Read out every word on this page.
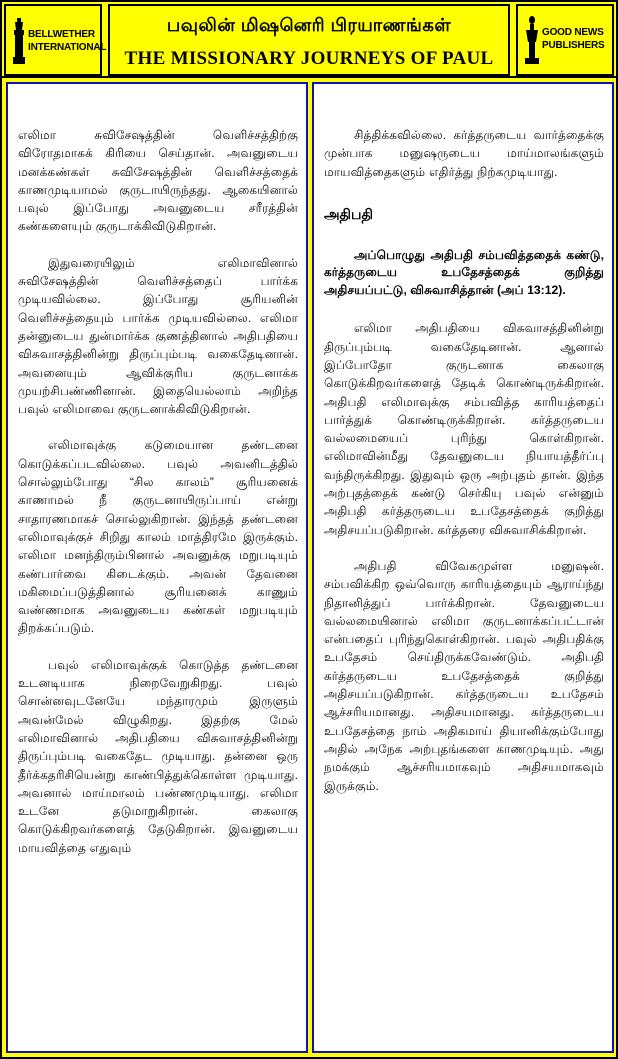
BELLWETHER
INTERNATIONAL
பவுலின் மிஷனெரி பிரயாணங்கள்
THE MISSIONARY JOURNEYS OF PAUL
GOOD NEWS
PUBLISHERS

எலிமா சுவிசேஷத்தின் வெளிச்சத்திற்கு விரோதமாகக் கிரியை செய்தான். அவனுடைய மனக்கண்கள் சுவிசேஷத்தின் வெளிச்சத்தைக் காணமுடியாமல் குருடாயிருந்தது. ஆகையினால் பவுல் இப்போது அவனுடைய சரீரத்தின் கண்களையும் குருடாக்கிவிடுகிறான்.

இதுவரையிலும் எலிமாவினால் சுவிசேஷத்தின் வெளிச்சத்தைப் பார்க்க முடியவில்லை. இப்போது சூரியனின் வெளிச்சத்தையும் பார்க்க முடியவில்லை. எலிமா தன்னுடைய துன்மார்க்க குணத்தினால் அதிபதியை விசுவாசத்தினின்று திருப்பும்படி வகைதேடினான். அவனையும் ஆவிக்குரிய குருடனாக்க முயற்சிபண்ணினான். இதையெல்லாம் அறிந்த பவுல் எலிமாவை குருடனாக்கிவிடுகிறான்.

எலிமாவுக்கு கடுமையான தண்டனை கொடுக்கப்படவில்லை. பவுல் அவனிடத்தில் சொல்லும்போது “சில காலம்” சூரியனைக் காணாமல் நீ குருடனாயிருப்பாய் என்று சாதாரணமாகச் சொல்லுகிறான். இந்தத் தண்டனை எலிமாவுக்குச் சிறிது காலம் மாத்திரமே இருக்கும். எலிமா மனந்திரும்பினால் அவனுக்கு மறுபடியும் கண்பார்வை கிடைக்கும். அவன் தேவனை மகிமைப்படுத்தினால் சூரியனைக் காணும் வண்ணமாக அவனுடைய கண்கள் மறுபடியும் திறக்கப்படும்.

பவுல் எலிமாவுக்குக் கொடுத்த தண்டனை உடனடியாக நிறைவேறுகிறது. பவுல் சொன்னவுடனேயே மந்தாரமும் இருளும் அவன்மேல் விழுகிறது. இதற்கு மேல் எலிமாவினால் அதிபதியை விசுவாசத்தினின்று திருப்பும்படி வகைதேட முடியாது. தன்னை ஒரு தீர்க்கதரிசியென்று காண்பித்துக்கொள்ள முடியாது. அவனால் மாய்மாலம் பண்ணமுடியாது. எலிமா உடனே தடுமாறுகிறான். கைலாகு கொடுக்கிறவர்களைத் தேடுகிறான். இவனுடைய மாயவித்தை எதுவும்

சித்திக்கவில்லை. கர்த்தருடைய வார்த்தைக்கு முன்பாக மனுஷருடைய மாய்மாலங்களும் மாயவித்தைகளும் எதிர்த்து நிற்கமுடியாது.

அதிபதி

அப்பொழுது அதிபதி சம்பவித்ததைக் கண்டு, கர்த்தருடைய உபதேசத்தைக் குறித்து அதிசயப்பட்டு, விசுவாசித்தான் (அப் 13:12).

எலிமா அதிபதியை விசுவாசத்தினின்று திருப்பும்படி வகைதேடினான். ஆனால் இப்போதோ குருடனாக கைலாகு கொடுக்கிறவர்களைத் தேடிக் கொண்டிருக்கிறான். அதிபதி எலிமாவுக்கு சம்பவித்த காரியத்தைப் பார்த்துக் கொண்டிருக்கிறான். கர்த்தருடைய வல்லமையைப் புரிந்து கொள்கிறான். எலிமாவின்மீது தேவனுடைய நியாயத்தீர்ப்பு வந்திருக்கிறது. இதுவும் ஒரு அற்புதம் தான். இந்த அற்புதத்தைக் கண்டு செர்கியு பவுல் என்னும் அதிபதி கர்த்தருடைய உபதேசத்தைக் குறித்து அதிசயப்படுகிறான். கர்த்தரை விசுவாசிக்கிறான்.

அதிபதி விவேகமுள்ள மனுஷன். சம்பவிக்கிற ஒவ்வொரு காரியத்தையும் ஆராய்ந்து நிதானித்துப் பார்க்கிறான். தேவனுடைய வல்லமையினால் எலிமா குருடனாக்கப்பட்டான் என்பதைப் புரிந்துகொள்கிறான். பவுல் அதிபதிக்கு உபதேசம் செய்திருக்கவேண்டும். அதிபதி கர்த்தருடைய உபதேசத்தைக் குறித்து அதிசயப்படுகிறான். கர்த்தருடைய உபதேசம் ஆச்சரியமானது. அதிசயமானது. கர்த்தருடைய உபதேசத்தை நாம் அதிகமாய் தியானிக்கும்போது அதில் அநேக அற்புதங்களை காணமுடியும். அது நமக்கும் ஆச்சரியமாகவும் அதிசயமாகவும் இருக்கும்.
